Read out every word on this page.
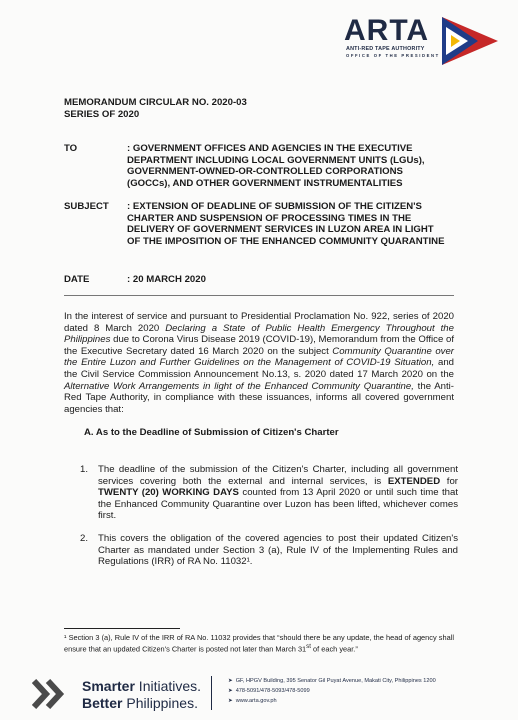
ARTA
ANTI-RED TAPE AUTHORITY
OFFICE OF THE PRESIDENT
MEMORANDUM CIRCULAR NO. 2020-03
SERIES OF 2020
TO	: GOVERNMENT OFFICES AND AGENCIES IN THE EXECUTIVE DEPARTMENT INCLUDING LOCAL GOVERNMENT UNITS (LGUs), GOVERNMENT-OWNED-OR-CONTROLLED CORPORATIONS (GOCCs), AND OTHER GOVERNMENT INSTRUMENTALITIES
SUBJECT : EXTENSION OF DEADLINE OF SUBMISSION OF THE CITIZEN'S CHARTER AND SUSPENSION OF PROCESSING TIMES IN THE DELIVERY OF GOVERNMENT SERVICES IN LUZON AREA IN LIGHT OF THE IMPOSITION OF THE ENHANCED COMMUNITY QUARANTINE
DATE	: 20 MARCH 2020
In the interest of service and pursuant to Presidential Proclamation No. 922, series of 2020 dated 8 March 2020 Declaring a State of Public Health Emergency Throughout the Philippines due to Corona Virus Disease 2019 (COVID-19), Memorandum from the Office of the Executive Secretary dated 16 March 2020 on the subject Community Quarantine over the Entire Luzon and Further Guidelines on the Management of COVID-19 Situation, and the Civil Service Commission Announcement No.13, s. 2020 dated 17 March 2020 on the Alternative Work Arrangements in light of the Enhanced Community Quarantine, the Anti-Red Tape Authority, in compliance with these issuances, informs all covered government agencies that:
A. As to the Deadline of Submission of Citizen's Charter
1. The deadline of the submission of the Citizen's Charter, including all government services covering both the external and internal services, is EXTENDED for TWENTY (20) WORKING DAYS counted from 13 April 2020 or until such time that the Enhanced Community Quarantine over Luzon has been lifted, whichever comes first.
2. This covers the obligation of the covered agencies to post their updated Citizen's Charter as mandated under Section 3 (a), Rule IV of the Implementing Rules and Regulations (IRR) of RA No. 11032¹.
¹ Section 3 (a), Rule IV of the IRR of RA No. 11032 provides that “should there be any update, the head of agency shall ensure that an updated Citizen's Charter is posted not later than March 31st of each year.”
Smarter Initiatives.
Better Philippines.
➤ GF, HPGV Building, 395 Senator Gil Puyat Avenue, Makati City, Philippines 1200
➤ 478-5091/478-5093/478-5099
➤ www.arta.gov.ph
